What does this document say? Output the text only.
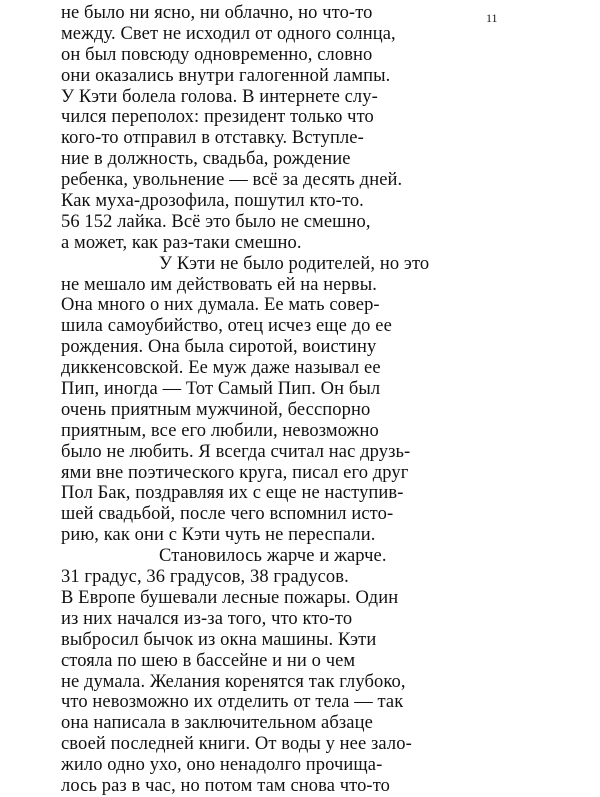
11
не было ни ясно, ни облачно, но что-то
между. Свет не исходил от одного солнца,
он был повсюду одновременно, словно
они оказались внутри галогенной лампы.
У Кэти болела голова. В интернете слу-
чился переполох: президент только что
кого-то отправил в отставку. Вступле-
ние в должность, свадьба, рождение
ребенка, увольнение — всё за десять дней.
Как муха-дрозофила, пошутил кто-то.
56 152 лайка. Всё это было не смешно,
а может, как раз-таки смешно.
У Кэти не было родителей, но это
не мешало им действовать ей на нервы.
Она много о них думала. Ее мать совер-
шила самоубийство, отец исчез еще до ее
рождения. Она была сиротой, воистину
диккенсовской. Ее муж даже называл ее
Пип, иногда — Тот Самый Пип. Он был
очень приятным мужчиной, бесспорно
приятным, все его любили, невозможно
было не любить. Я всегда считал нас друзь-
ями вне поэтического круга, писал его друг
Пол Бак, поздравляя их с еще не наступив-
шей свадьбой, после чего вспомнил исто-
рию, как они с Кэти чуть не переспали.
Становилось жарче и жарче.
31 градус, 36 градусов, 38 градусов.
В Европе бушевали лесные пожары. Один
из них начался из-за того, что кто-то
выбросил бычок из окна машины. Кэти
стояла по шею в бассейне и ни о чем
не думала. Желания коренятся так глубоко,
что невозможно их отделить от тела — так
она написала в заключительном абзаце
своей последней книги. От воды у нее зало-
жило одно ухо, оно ненадолго прочища-
лось раз в час, но потом там снова что-то
